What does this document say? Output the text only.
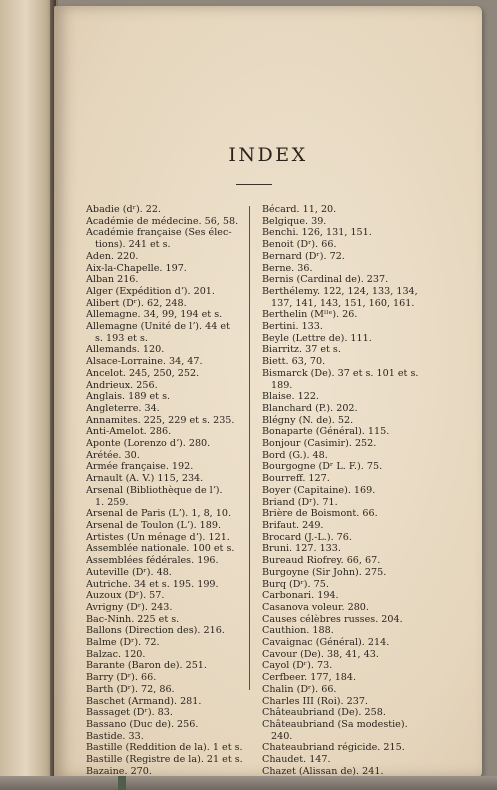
INDEX
Abadie (dʳ). 22.
Académie de médecine. 56, 58.
Académie française (Ses élec-
tions). 241 et s.
Aden. 220.
Aix-la-Chapelle. 197.
Alban 216.
Alger (Expédition dʼ). 201.
Alibert (Dʳ). 62, 248.
Allemagne. 34, 99, 194 et s.
Allemagne (Unité de lʼ). 44 et
s. 193 et s.
Allemands. 120.
Alsace-Lorraine. 34, 47.
Ancelot. 245, 250, 252.
Andrieux. 256.
Anglais. 189 et s.
Angleterre. 34.
Annamites. 225, 229 et s. 235.
Anti-Amelot. 286.
Aponte (Lorenzo dʼ). 280.
Arétée. 30.
Armée française. 192.
Arnault (A. V.) 115, 234.
Arsenal (Bibliothèque de lʼ).
1. 259.
Arsenal de Paris (Lʼ). 1, 8, 10.
Arsenal de Toulon (Lʼ). 189.
Artistes (Un ménage dʼ). 121.
Assemblée nationale. 100 et s.
Assemblées fédérales. 196.
Auteville (Dʳ). 48.
Autriche. 34 et s. 195. 199.
Auzoux (Dʳ). 57.
Avrigny (Dʳ). 243.
Bac-Ninh. 225 et s.
Ballons (Direction des). 216.
Balme (Dʳ). 72.
Balzac. 120.
Barante (Baron de). 251.
Barry (Dʳ). 66.
Barth (Dʳ). 72, 86.
Baschet (Armand). 281.
Bassaget (Dʳ). 83.
Bassano (Duc de). 256.
Bastide. 33.
Bastille (Reddition de la). 1 et s.
Bastille (Registre de la). 21 et s.
Bazaine. 270.
Bécard. 11, 20.
Belgique. 39.
Benchi. 126, 131, 151.
Benoit (Dʳ). 66.
Bernard (Dʳ). 72.
Berne. 36.
Bernis (Cardinal de). 237.
Berthélemy. 122, 124, 133, 134,
137, 141, 143, 151, 160, 161.
Berthelin (Mˡˡᵉ). 26.
Bertini. 133.
Beyle (Lettre de). 111.
Biarritz. 37 et s.
Biett. 63, 70.
Bismarck (De). 37 et s. 101 et s.
189.
Blaise. 122.
Blanchard (P.). 202.
Blégny (N. de). 52.
Bonaparte (Général). 115.
Bonjour (Casimir). 252.
Bord (G.). 48.
Bourgogne (Dʳ L. F.). 75.
Bourreff. 127.
Boyer (Capitaine). 169.
Briand (Dʳ). 71.
Brière de Boismont. 66.
Brifaut. 249.
Brocard (J.-L.). 76.
Bruni. 127. 133.
Bureaud Riofrey. 66, 67.
Burgoyne (Sir John). 275.
Burq (Dʳ). 75.
Carbonari. 194.
Casanova voleur. 280.
Causes célèbres russes. 204.
Cauthion. 188.
Cavaignac (Général). 214.
Cavour (De). 38, 41, 43.
Cayol (Dʳ). 73.
Cerfbeer. 177, 184.
Chalin (Dʳ). 66.
Charles III (Roi). 237.
Châteaubriand (De). 258.
Châteaubriand (Sa modestie).
240.
Chateaubriand régicide. 215.
Chaudet. 147.
Chazet (Alissan de). 241.
